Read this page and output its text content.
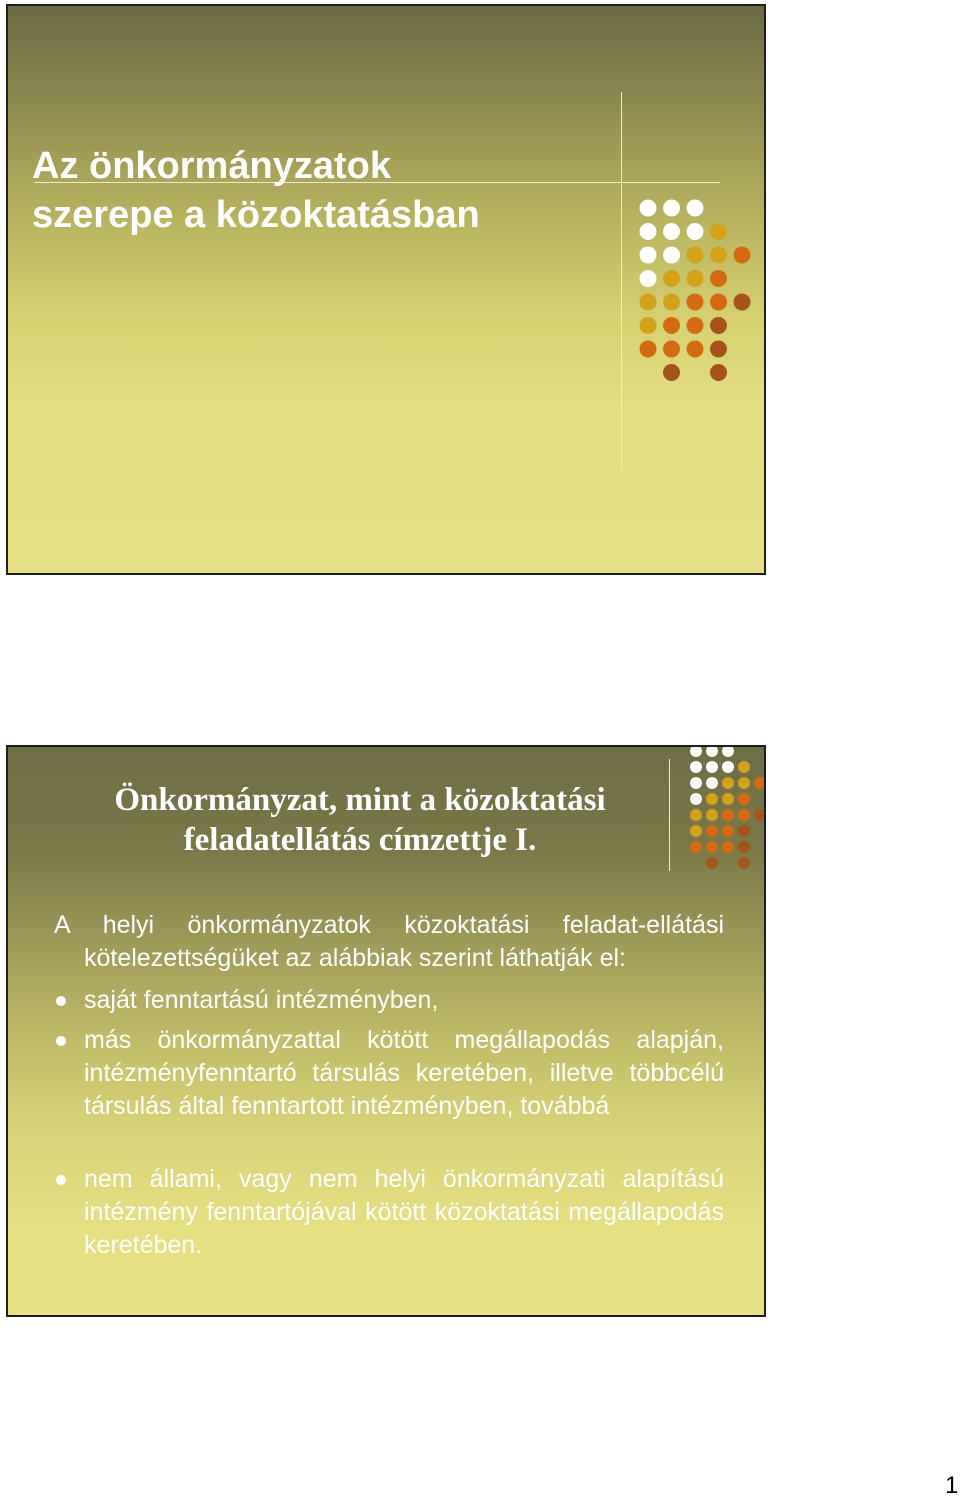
Az önkormányzatok
szerepe a közoktatásban
A helyi önkormányzatok közoktatási feladat-ellátási kötelezettségüket az alábbiak szerint láthatják el:
saját fenntartású intézményben,
más önkormányzattal kötött megállapodás alapján, intézményfenntartó társulás keretében, illetve többcélú társulás által fenntartott intézményben, továbbá
nem állami, vagy nem helyi önkormányzati alapítású intézmény fenntartójával kötött közoktatási megállapodás keretében.
Önkormányzat, mint a közoktatási
feladatellátás címzettje I.
1
